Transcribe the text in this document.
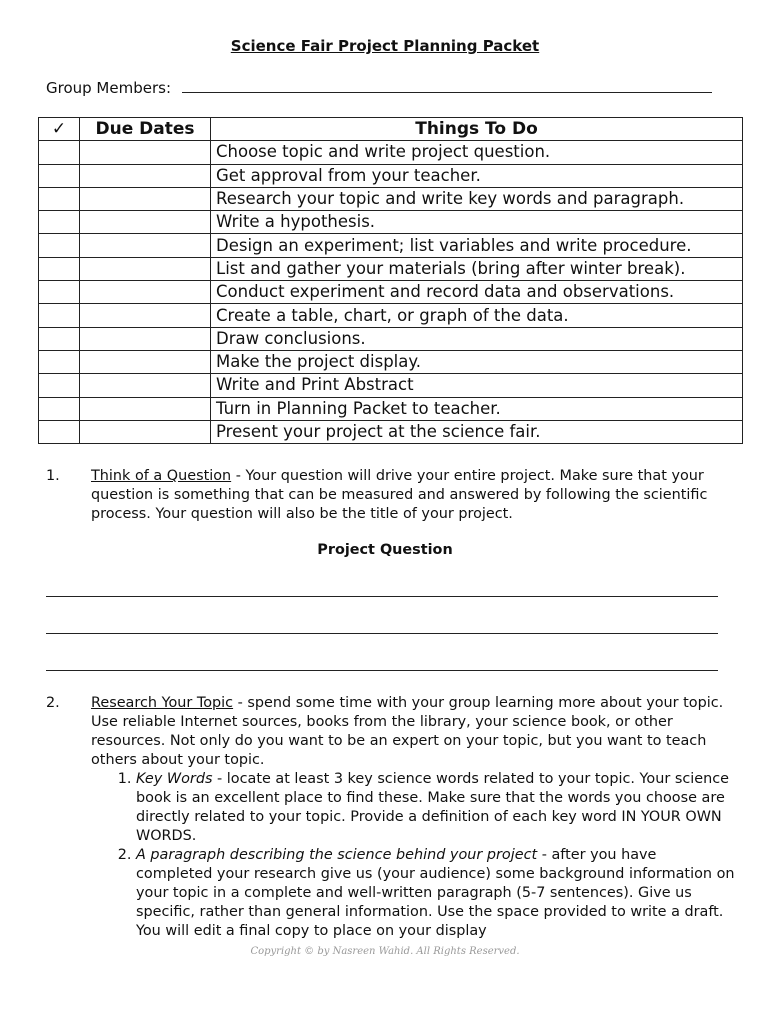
Science Fair Project Planning Packet
Group Members:
✓	Due Dates	Things To Do
		Choose topic and write project question.
		Get approval from your teacher.
		Research your topic and write key words and paragraph.
		Write a hypothesis.
		Design an experiment; list variables and write procedure.
		List and gather your materials (bring after winter break).
		Conduct experiment and record data and observations.
		Create a table, chart, or graph of the data.
		Draw conclusions.
		Make the project display.
		Write and Print Abstract
		Turn in Planning Packet to teacher.
		Present your project at the science fair.
1. Think of a Question - Your question will drive your entire project. Make sure that your question is something that can be measured and answered by following the scientific process. Your question will also be the title of your project.
Project Question
2. Research Your Topic - spend some time with your group learning more about your topic. Use reliable Internet sources, books from the library, your science book, or other resources. Not only do you want to be an expert on your topic, but you want to teach others about your topic.
1. Key Words - locate at least 3 key science words related to your topic. Your science book is an excellent place to find these. Make sure that the words you choose are directly related to your topic. Provide a definition of each key word IN YOUR OWN WORDS.
2. A paragraph describing the science behind your project - after you have completed your research give us (your audience) some background information on your topic in a complete and well-written paragraph (5-7 sentences). Give us specific, rather than general information. Use the space provided to write a draft. You will edit a final copy to place on your display
Copyright © by Nasreen Wahid. All Rights Reserved.
